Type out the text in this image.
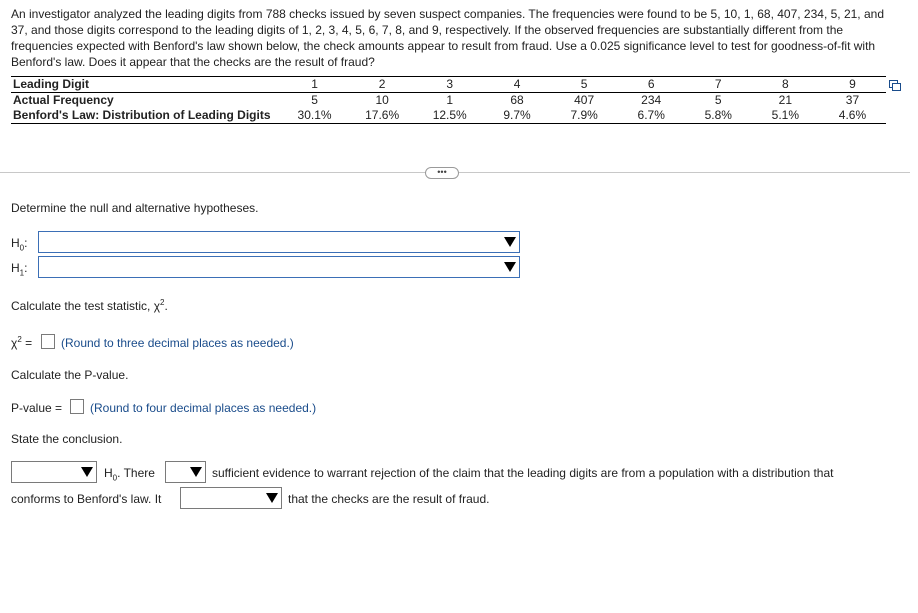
An investigator analyzed the leading digits from 788 checks issued by seven suspect companies. The frequencies were found to be 5, 10, 1, 68, 407, 234, 5, 21, and 37, and those digits correspond to the leading digits of 1, 2, 3, 4, 5, 6, 7, 8, and 9, respectively. If the observed frequencies are substantially different from the frequencies expected with Benford's law shown below, the check amounts appear to result from fraud. Use a 0.025 significance level to test for goodness-of-fit with Benford's law. Does it appear that the checks are the result of fraud?
Leading Digit	1	2	3	4	5	6	7	8	9
Actual Frequency	5	10	1	68	407	234	5	21	37
Benford's Law: Distribution of Leading Digits	30.1%	17.6%	12.5%	9.7%	7.9%	6.7%	5.8%	5.1%	4.6%
•••
Determine the null and alternative hypotheses.
$H_0$:
$H_1$:
Calculate the test statistic, $\chi^2$.
$\chi^2$ = (Round to three decimal places as needed.)
Calculate the P-value.
P-value = (Round to four decimal places as needed.)
State the conclusion.
$H_0$. There	sufficient evidence to warrant rejection of the claim that the leading digits are from a population with a distribution that
conforms to Benford's law. It	that the checks are the result of fraud.
